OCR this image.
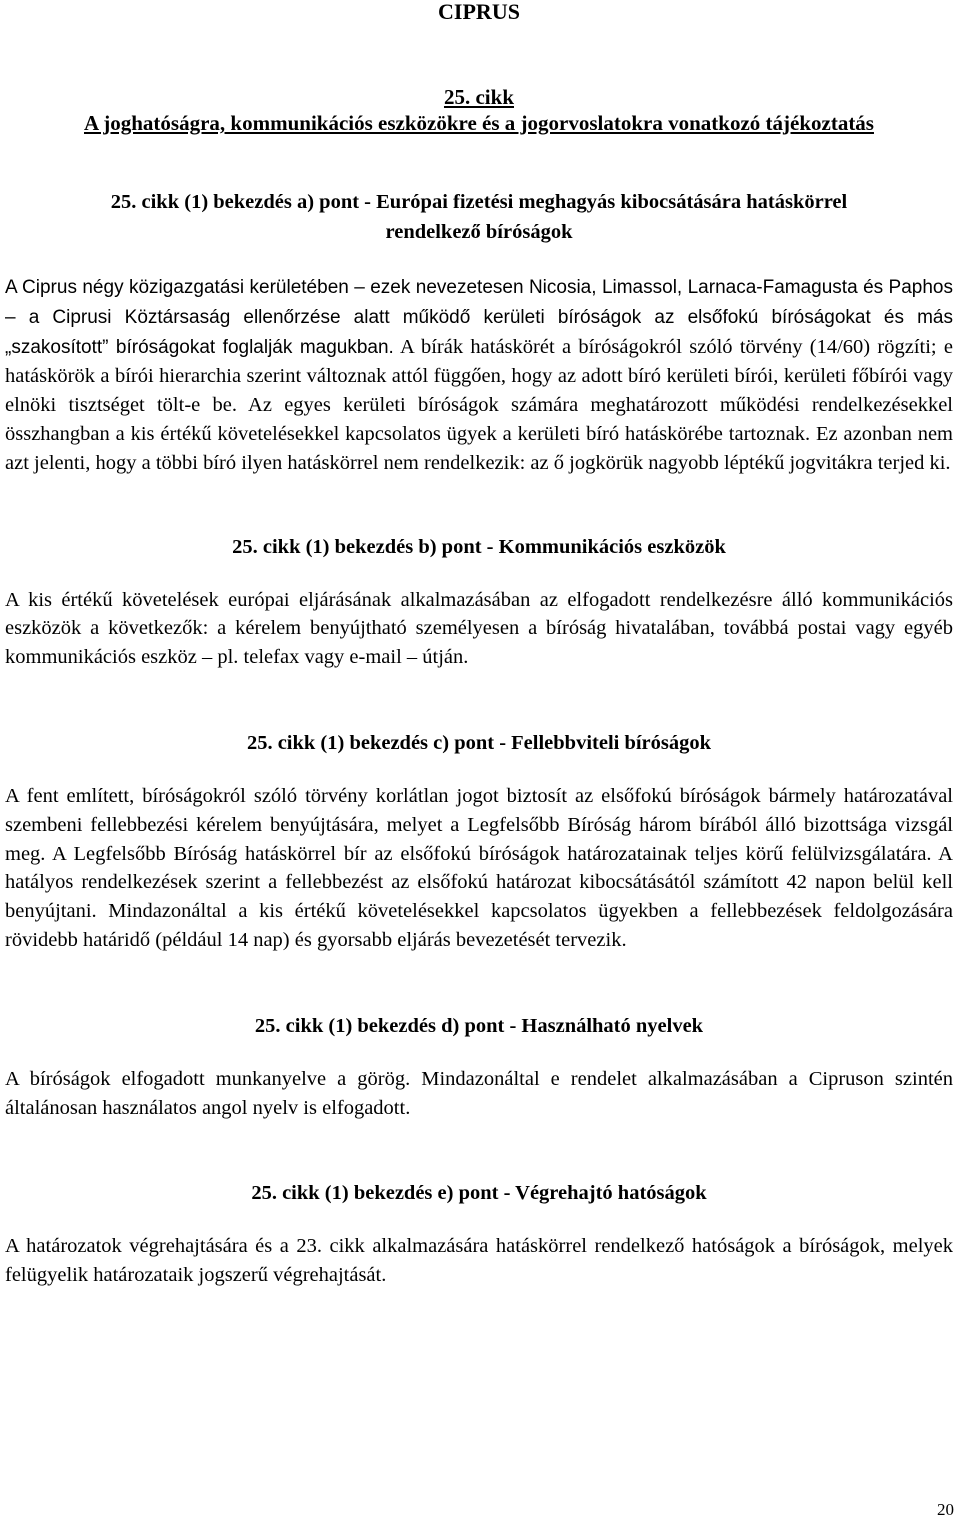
CIPRUS
25. cikk
A joghatóságra, kommunikációs eszközökre és a jogorvoslatokra vonatkozó tájékoztatás
25. cikk (1) bekezdés a) pont - Európai fizetési meghagyás kibocsátására hatáskörrel
rendelkező bíróságok

A Ciprus négy közigazgatási kerületében – ezek nevezetesen Nicosia, Limassol, Larnaca-Famagusta és Paphos – a Ciprusi Köztársaság ellenőrzése alatt működő kerületi bíróságok az elsőfokú bíróságokat és más „szakosított” bíróságokat foglalják magukban. A bírák hatáskörét a bíróságokról szóló törvény (14/60) rögzíti; e hatáskörök a bírói hierarchia szerint változnak attól függően, hogy az adott bíró kerületi bírói, kerületi főbírói vagy elnöki tisztséget tölt-e be. Az egyes kerületi bíróságok számára meghatározott működési rendelkezésekkel összhangban a kis értékű követelésekkel kapcsolatos ügyek a kerületi bíró hatáskörébe tartoznak. Ez azonban nem azt jelenti, hogy a többi bíró ilyen hatáskörrel nem rendelkezik: az ő jogkörük nagyobb léptékű jogvitákra terjed ki.

25. cikk (1) bekezdés b) pont - Kommunikációs eszközök

A kis értékű követelések európai eljárásának alkalmazásában az elfogadott rendelkezésre álló kommunikációs eszközök a következők: a kérelem benyújtható személyesen a bíróság hivatalában, továbbá postai vagy egyéb kommunikációs eszköz – pl. telefax vagy e-mail – útján.

25. cikk (1) bekezdés c) pont - Fellebbviteli bíróságok

A fent említett, bíróságokról szóló törvény korlátlan jogot biztosít az elsőfokú bíróságok bármely határozatával szembeni fellebbezési kérelem benyújtására, melyet a Legfelsőbb Bíróság három bírából álló bizottsága vizsgál meg. A Legfelsőbb Bíróság hatáskörrel bír az elsőfokú bíróságok határozatainak teljes körű felülvizsgálatára. A hatályos rendelkezések szerint a fellebbezést az elsőfokú határozat kibocsátásától számított 42 napon belül kell benyújtani. Mindazonáltal a kis értékű követelésekkel kapcsolatos ügyekben a fellebbezések feldolgozására rövidebb határidő (például 14 nap) és gyorsabb eljárás bevezetését tervezik.

25. cikk (1) bekezdés d) pont - Használható nyelvek

A bíróságok elfogadott munkanyelve a görög. Mindazonáltal e rendelet alkalmazásában a Cipruson szintén általánosan használatos angol nyelv is elfogadott.

25. cikk (1) bekezdés e) pont - Végrehajtó hatóságok

A határozatok végrehajtására és a 23. cikk alkalmazására hatáskörrel rendelkező hatóságok a bíróságok, melyek felügyelik határozataik jogszerű végrehajtását.

20
